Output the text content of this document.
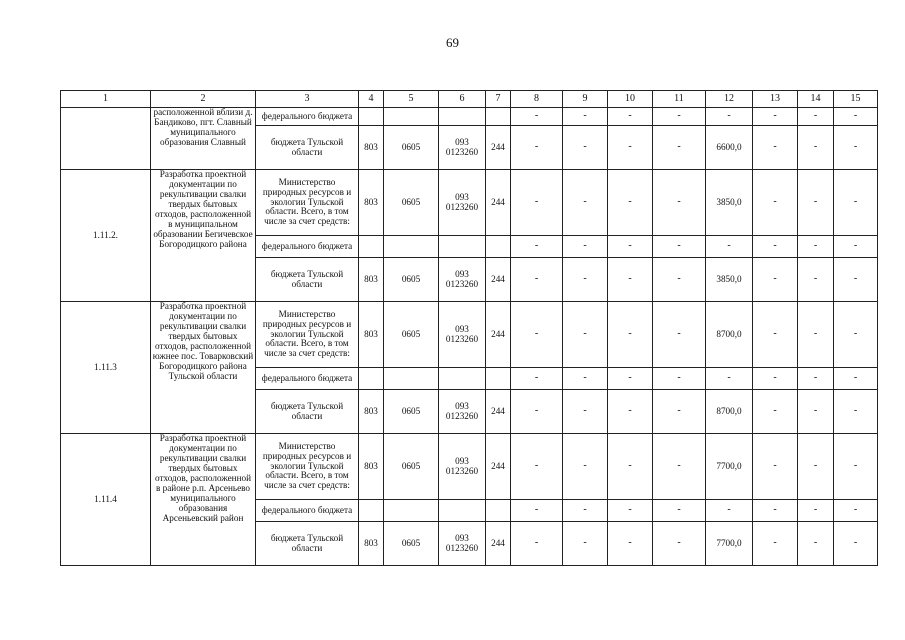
69
1	2	3	4	5	6	7	8	9	10	11	12	13	14	15
	расположенной вблизи д. Бандиково, пгт. Славный муниципального образования Славный	федерального бюджета					-	-	-	-	-	-	-	-
		бюджета Тульской области	803	0605	093 0123260	244	-	-	-	-	6600,0	-	-	-
1.11.2.	Разработка проектной документации по рекультивации свалки твердых бытовых отходов, расположенной в муниципальном образовании Бегичевское Богородицкого района	Министерство природных ресурсов и экологии Тульской области. Всего, в том числе за счет средств:	803	0605	093 0123260	244	-	-	-	-	3850,0	-	-	-
		федерального бюджета					-	-	-	-	-	-	-	-
		бюджета Тульской области	803	0605	093 0123260	244	-	-	-	-	3850,0	-	-	-
1.11.3	Разработка проектной документации по рекультивации свалки твердых бытовых отходов, расположенной южнее пос. Товарковский Богородицкого района Тульской области	Министерство природных ресурсов и экологии Тульской области. Всего, в том числе за счет средств:	803	0605	093 0123260	244	-	-	-	-	8700,0	-	-	-
		федерального бюджета					-	-	-	-	-	-	-	-
		бюджета Тульской области	803	0605	093 0123260	244	-	-	-	-	8700,0	-	-	-
1.11.4	Разработка проектной документации по рекультивации свалки твердых бытовых отходов, расположенной в районе р.п. Арсеньево муниципального образования Арсеньевский район	Министерство природных ресурсов и экологии Тульской области. Всего, в том числе за счет средств:	803	0605	093 0123260	244	-	-	-	-	7700,0	-	-	-
		федерального бюджета					-	-	-	-	-	-	-	-
		бюджета Тульской области	803	0605	093 0123260	244	-	-	-	-	7700,0	-	-	-
